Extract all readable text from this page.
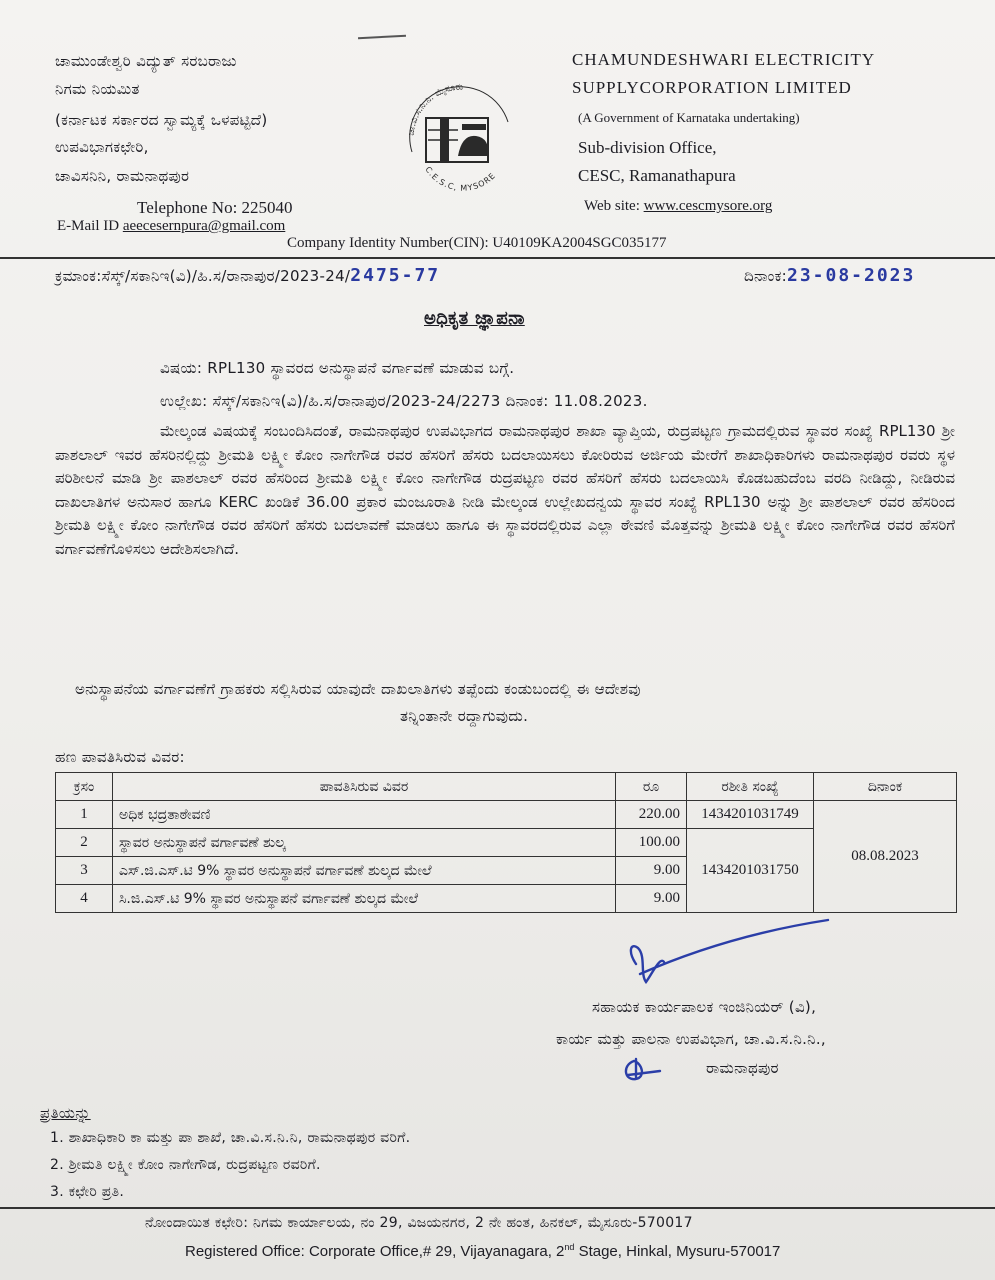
ಚಾಮುಂಡೇಶ್ವರಿ ವಿದ್ಯುತ್ ಸರಬರಾಜು
ನಿಗಮ ನಿಯಮಿತ
(ಕರ್ನಾಟಕ ಸರ್ಕಾರದ ಸ್ವಾಮ್ಯಕ್ಕೆ ಒಳಪಟ್ಟಿದೆ)
ಉಪವಿಭಾಗಕಛೇರಿ,
ಚಾವಿಸನಿನಿ, ರಾಮನಾಥಪುರ
ಚಾ.ವಿ.ಸ.ನಿ.ನಿ. ಮೈಸೂರು
C.E.S.C, MYSORE
CHAMUNDESHWARI ELECTRICITY
SUPPLYCORPORATION LIMITED
(A Government of Karnataka undertaking)
Sub-division Office,
CESC, Ramanathapura
Telephone No: 225040	Web site: www.cescmysore.org
E-Mail ID aeecesernpura@gmail.com
Company Identity Number(CIN): U40109KA2004SGC035177
ಕ್ರಮಾಂಕ:ಸೆಸ್ಕ್/ಸಕಾನಿಇ(ವಿ)/ಹಿ.ಸ/ರಾನಾಪುರ/2023-24/2475-77	ದಿನಾಂಕ:23-08-2023
ಅಧಿಕೃತ ಜ್ಞಾಪನಾ
ವಿಷಯ: RPL130 ಸ್ಥಾವರದ ಅನುಸ್ಥಾಪನೆ ವರ್ಗಾವಣೆ ಮಾಡುವ ಬಗ್ಗೆ.
ಉಲ್ಲೇಖ: ಸೆಸ್ಕ್/ಸಕಾನಿಇ(ವಿ)/ಹಿ.ಸ/ರಾನಾಪುರ/2023-24/2273 ದಿನಾಂಕ: 11.08.2023.
ಮೇಲ್ಕಂಡ ವಿಷಯಕ್ಕೆ ಸಂಬಂದಿಸಿದಂತೆ, ರಾಮನಾಥಪುರ ಉಪವಿಭಾಗದ ರಾಮನಾಥಪುರ ಶಾಖಾ ವ್ಯಾಪ್ತಿಯ, ರುದ್ರಪಟ್ಟಣ ಗ್ರಾಮದಲ್ಲಿರುವ ಸ್ಥಾವರ ಸಂಖ್ಯೆ RPL130 ಶ್ರೀ ಪಾಶಲಾಲ್ ಇವರ ಹೆಸರಿನಲ್ಲಿದ್ದು ಶ್ರೀಮತಿ ಲಕ್ಷ್ಮೀ ಕೋಂ ನಾಗೇಗೌಡ ರವರ ಹೆಸರಿಗೆ ಹೆಸರು ಬದಲಾಯಿಸಲು ಕೋರಿರುವ ಅರ್ಜಿಯ ಮೇರೆಗೆ ಶಾಖಾಧಿಕಾರಿಗಳು ರಾಮನಾಥಪುರ ರವರು ಸ್ಥಳ ಪರಿಶೀಲನೆ ಮಾಡಿ ಶ್ರೀ ಪಾಶಲಾಲ್ ರವರ ಹೆಸರಿಂದ ಶ್ರೀಮತಿ ಲಕ್ಷ್ಮೀ ಕೋಂ ನಾಗೇಗೌಡ ರುದ್ರಪಟ್ಟಣ ರವರ ಹೆಸರಿಗೆ ಹೆಸರು ಬದಲಾಯಿಸಿ ಕೊಡಬಹುದೆಂಬ ವರದಿ ನೀಡಿದ್ದು, ನೀಡಿರುವ ದಾಖಲಾತಿಗಳ ಅನುಸಾರ ಹಾಗೂ KERC ಖಂಡಿಕೆ 36.00 ಪ್ರಕಾರ ಮಂಜೂರಾತಿ ನೀಡಿ ಮೇಲ್ಕಂಡ ಉಲ್ಲೇಖದನ್ವಯ ಸ್ಥಾವರ ಸಂಖ್ಯೆ RPL130 ಅನ್ನು ಶ್ರೀ ಪಾಶಲಾಲ್ ರವರ ಹೆಸರಿಂದ ಶ್ರೀಮತಿ ಲಕ್ಷ್ಮೀ ಕೋಂ ನಾಗೇಗೌಡ ರವರ ಹೆಸರಿಗೆ ಹೆಸರು ಬದಲಾವಣೆ ಮಾಡಲು ಹಾಗೂ ಈ ಸ್ಥಾವರದಲ್ಲಿರುವ ಎಲ್ಲಾ ಠೇವಣಿ ಮೊತ್ತವನ್ನು ಶ್ರೀಮತಿ ಲಕ್ಷ್ಮೀ ಕೋಂ ನಾಗೇಗೌಡ ರವರ ಹೆಸರಿಗೆ ವರ್ಗಾವಣೆಗೊಳಿಸಲು ಆದೇಶಿಸಲಾಗಿದೆ.
ಅನುಸ್ಥಾಪನೆಯ ವರ್ಗಾವಣೆಗೆ ಗ್ರಾಹಕರು ಸಲ್ಲಿಸಿರುವ ಯಾವುದೇ ದಾಖಲಾತಿಗಳು ತಪ್ಪೆಂದು ಕಂಡುಬಂದಲ್ಲಿ ಈ ಆದೇಶವು
ತನ್ನಿಂತಾನೇ ರದ್ದಾಗುವುದು.
ಹಣ ಪಾವತಿಸಿರುವ ವಿವರ:
ಕ್ರಸಂ	ಪಾವತಿಸಿರುವ ವಿವರ	ರೂ	ರಶೀತಿ ಸಂಖ್ಯೆ	ದಿನಾಂಕ
1	ಅಧಿಕ ಭದ್ರತಾಠೇವಣಿ	220.00	1434201031749	08.08.2023
2	ಸ್ಥಾವರ ಅನುಸ್ಥಾಪನೆ ವರ್ಗಾವಣೆ ಶುಲ್ಕ	100.00	1434201031750	
3	ಎಸ್.ಜಿ.ಎಸ್.ಟಿ 9% ಸ್ಥಾವರ ಅನುಸ್ಥಾಪನೆ ವರ್ಗಾವಣೆ ಶುಲ್ಕದ ಮೇಲೆ	9.00		
4	ಸಿ.ಜಿ.ಎಸ್.ಟಿ 9% ಸ್ಥಾವರ ಅನುಸ್ಥಾಪನೆ ವರ್ಗಾವಣೆ ಶುಲ್ಕದ ಮೇಲೆ	9.00		
ಸಹಾಯಕ ಕಾರ್ಯಪಾಲಕ ಇಂಜಿನಿಯರ್ (ವಿ),
ಕಾರ್ಯ ಮತ್ತು ಪಾಲನಾ ಉಪವಿಭಾಗ, ಚಾ.ವಿ.ಸ.ನಿ.ನಿ.,
ರಾಮನಾಥಪುರ
ಪ್ರತಿಯನ್ನು
1. ಶಾಖಾಧಿಕಾರಿ ಕಾ ಮತ್ತು ಪಾ ಶಾಖೆ, ಚಾ.ವಿ.ಸ.ನಿ.ನಿ, ರಾಮನಾಥಪುರ ವರಿಗೆ.
2. ಶ್ರೀಮತಿ ಲಕ್ಷ್ಮೀ ಕೋಂ ನಾಗೇಗೌಡ, ರುದ್ರಪಟ್ಟಣ ರವರಿಗೆ.
3. ಕಛೇರಿ ಪ್ರತಿ.
ನೋಂದಾಯಿತ ಕಛೇರಿ: ನಿಗಮ ಕಾರ್ಯಾಲಯ, ನಂ 29, ವಿಜಯನಗರ, 2 ನೇ ಹಂತ, ಹಿನಕಲ್, ಮೈಸೂರು-570017
Registered Office: Corporate Office,# 29, Vijayanagara, 2nd Stage, Hinkal, Mysuru-570017
